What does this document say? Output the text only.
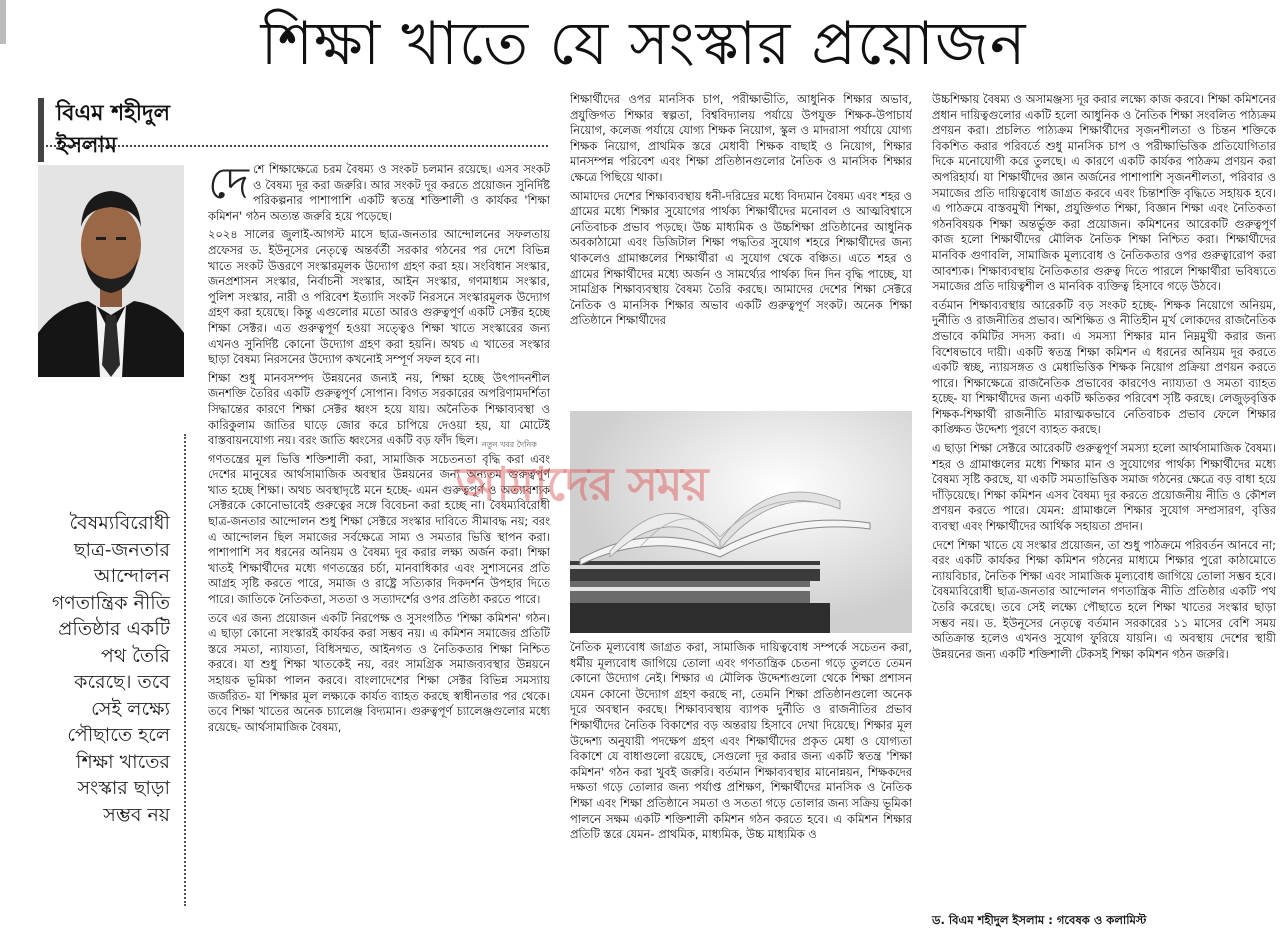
শিক্ষা খাতে যে সংস্কার প্রয়োজন
বিএম শহীদুল ইসলাম
বৈষম্যবিরোধী ছাত্র-জনতার আন্দোলন গণতান্ত্রিক নীতি প্রতিষ্ঠার একটি পথ তৈরি করেছে। তবে সেই লক্ষ্যে পৌছাতে হলে শিক্ষা খাতের সংস্কার ছাড়া সম্ভব নয়

দেশে শিক্ষাক্ষেত্রে চরম বৈষম্য ও সংকট চলমান রয়েছে। এসব সংকট ও বৈষম্য দূর করা জরুরি। আর সংকট দূর করতে প্রয়োজন সুনির্দিষ্ট পরিকল্পনার পাশাপাশি একটি স্বতন্ত্র শক্তিশালী ও কার্যকর 'শিক্ষা কমিশন' গঠন অত্যন্ত জরুরি হয়ে পড়েছে।

২০২৪ সালের জুলাই-আগস্ট মাসে ছাত্র-জনতার আন্দোলনের সফলতায় প্রফেসর ড. ইউনূসের নেতৃত্বে অন্তর্বর্তী সরকার গঠনের পর দেশে বিভিন্ন খাতে সংকট উত্তরণে সংস্কারমূলক উদ্যোগ গ্রহণ করা হয়। সংবিধান সংস্কার, জনপ্রশাসন সংস্কার, নির্বাচনী সংস্কার, আইন সংস্কার, গণমাধ্যম সংস্কার, পুলিশ সংস্কার, নারী ও পরিবেশ ইত্যাদি সংকট নিরসনে সংস্কারমূলক উদ্যোগ গ্রহণ করা হয়েছে। কিন্তু এগুলোর মতো আরও গুরুত্বপূর্ণ একটি সেক্টর হচ্ছে শিক্ষা সেক্টর। এত গুরুত্বপূর্ণ হওয়া সত্ত্বেও শিক্ষা খাতে সংস্কারের জন্য এখনও সুনির্দিষ্ট কোনো উদ্যোগ গ্রহণ করা হয়নি। অথচ এ খাতের সংস্কার ছাড়া বৈষম্য নিরসনের উদ্যোগ কখনোই সম্পূর্ণ সফল হবে না।

শিক্ষা শুধু মানবসম্পদ উন্নয়নের জন্যই নয়, শিক্ষা হচ্ছে উৎপাদনশীল জনশক্তি তৈরির একটি গুরুত্বপূর্ণ সোপান। বিগত সরকারের অপরিণামদর্শিতা সিদ্ধান্তের কারণে শিক্ষা সেক্টর ধ্বংস হয়ে যায়। অনৈতিক শিক্ষাব্যবস্থা ও কারিকুলাম জাতির ঘাড়ে জোর করে চাপিয়ে দেওয়া হয়, যা মোটেই বাস্তবায়নযোগ্য নয়। বরং জাতি ধ্বংসের একটি বড় ফাঁদ ছিল।

গণতন্ত্রের মূল ভিত্তি শক্তিশালী করা, সামাজিক সচেতনতা বৃদ্ধি করা এবং দেশের মানুষের আর্থসামাজিক অবস্থার উন্নয়নের জন্য অন্যতম গুরুত্বপূর্ণ খাত হচ্ছে শিক্ষা। অথচ অবস্থাদৃষ্টে মনে হচ্ছে- এমন গুরুত্বপূর্ণ ও অত্যাবশ্যক সেক্টরকে কোনোভাবেই গুরুত্বের সঙ্গে বিবেচনা করা হচ্ছে না। বৈষম্যবিরোধী ছাত্র-জনতার আন্দোলন শুধু শিক্ষা সেক্টরে সংস্কার দাবিতে সীমাবদ্ধ নয়; বরং এ আন্দোলন ছিল সমাজের সর্বক্ষেত্রে সাম্য ও সমতার ভিত্তি স্থাপন করা। পাশাপাশি সব ধরনের অনিয়ম ও বৈষম্য দূর করার লক্ষ্য অর্জন করা। শিক্ষা খাতই শিক্ষার্থীদের মধ্যে গণতন্ত্রের চর্চা, মানবাধিকার এবং সুশাসনের প্রতি আগ্রহ সৃষ্টি করতে পারে, সমাজ ও রাষ্ট্রে সত্যিকার দিকদর্শন উপহার দিতে পারে। জাতিকে নৈতিকতা, সততা ও সত্যাদর্শের ওপর প্রতিষ্ঠা করতে পারে।

তবে এর জন্য প্রয়োজন একটি নিরপেক্ষ ও সুসংগঠিত 'শিক্ষা কমিশন' গঠন। এ ছাড়া কোনো সংস্কারই কার্যকর করা সম্ভব নয়। এ কমিশন সমাজের প্রতিটি স্তরে সমতা, ন্যায্যতা, বিধিসম্মত, আইনগত ও নৈতিকতার শিক্ষা নিশ্চিত করবে। যা শুধু শিক্ষা খাতকেই নয়, বরং সামগ্রিক সমাজব্যবস্থার উন্নয়নে সহায়ক ভূমিকা পালন করবে। বাংলাদেশের শিক্ষা সেক্টর বিভিন্ন সমস্যায় জর্জরিত- যা শিক্ষার মূল লক্ষ্যকে কার্যত ব্যাহত করছে স্বাধীনতার পর থেকে। তবে শিক্ষা খাতের অনেক চ্যালেঞ্জ বিদ্যমান। গুরুত্বপূর্ণ চ্যালেঞ্জগুলোর মধ্যে রয়েছে- আর্থসামাজিক বৈষম্য,

শিক্ষার্থীদের ওপর মানসিক চাপ, পরীক্ষাভীতি, আধুনিক শিক্ষার অভাব, প্রযুক্তিগত শিক্ষার স্বল্পতা, বিশ্ববিদ্যালয় পর্যায়ে উপযুক্ত শিক্ষক-উপাচার্য নিয়োগ, কলেজ পর্যায়ে যোগ্য শিক্ষক নিয়োগ, স্কুল ও মাদরাসা পর্যায়ে যোগ্য শিক্ষক নিয়োগ, প্রাথমিক স্তরে মেধাবী শিক্ষক বাছাই ও নিয়োগ, শিক্ষার মানসম্পন্ন পরিবেশ এবং শিক্ষা প্রতিষ্ঠানগুলোর নৈতিক ও মানসিক শিক্ষার ক্ষেত্রে পিছিয়ে থাকা।

আমাদের দেশের শিক্ষাব্যবস্থায় ধনী-দরিদ্রের মধ্যে বিদ্যমান বৈষম্য এবং শহর ও গ্রামের মধ্যে শিক্ষার সুযোগের পার্থক্য শিক্ষার্থীদের মনোবল ও আত্মবিশ্বাসে নেতিবাচক প্রভাব পড়ছে। উচ্চ মাধ্যমিক ও উচ্চশিক্ষা প্রতিষ্ঠানের আধুনিক অবকাঠামো এবং ডিজিটাল শিক্ষা পদ্ধতির সুযোগ শহরে শিক্ষার্থীদের জন্য থাকলেও গ্রামাঞ্চলের শিক্ষার্থীরা এ সুযোগ থেকে বঞ্চিত। এতে শহর ও গ্রামের শিক্ষার্থীদের মধ্যে অর্জন ও সামর্থ্যের পার্থক্য দিন দিন বৃদ্ধি পাচ্ছে, যা সামগ্রিক শিক্ষাব্যবস্থায় বৈষম্য তৈরি করছে। আমাদের দেশের শিক্ষা সেক্টরে নৈতিক ও মানসিক শিক্ষার অভাব একটি গুরুত্বপূর্ণ সংকট। অনেক শিক্ষা প্রতিষ্ঠানে শিক্ষার্থীদের

নতুন খবর দৈনিক
আমাদের সময়

নৈতিক মূল্যবোধ জাগ্রত করা, সামাজিক দায়িত্ববোধ সম্পর্কে সচেতন করা, ধর্মীয় মূল্যবোধ জাগিয়ে তোলা এবং গণতান্ত্রিক চেতনা গড়ে তুলতে তেমন কোনো উদ্যোগ নেই। শিক্ষার এ মৌলিক উদ্দেশ্যগুলো থেকে শিক্ষা প্রশাসন যেমন কোনো উদ্যোগ গ্রহণ করছে না, তেমনি শিক্ষা প্রতিষ্ঠানগুলো অনেক দূরে অবস্থান করছে। শিক্ষাব্যবস্থায় ব্যাপক দুর্নীতি ও রাজনীতির প্রভাব শিক্ষার্থীদের নৈতিক বিকাশের বড় অন্তরায় হিসাবে দেখা দিয়েছে। শিক্ষার মূল উদ্দেশ্য অনুযায়ী পদক্ষেপ গ্রহণ এবং শিক্ষার্থীদের প্রকৃত মেধা ও যোগ্যতা বিকাশে যে বাধাগুলো রয়েছে, সেগুলো দূর করার জন্য একটি স্বতন্ত্র 'শিক্ষা কমিশন' গঠন করা খুবই জরুরি। বর্তমান শিক্ষাব্যবস্থার মানোন্নয়ন, শিক্ষকদের দক্ষতা গড়ে তোলার জন্য পর্যাপ্ত প্রশিক্ষণ, শিক্ষার্থীদের মানসিক ও নৈতিক শিক্ষা এবং শিক্ষা প্রতিষ্ঠানে সমতা ও সততা গড়ে তোলার জন্য সক্রিয় ভূমিকা পালনে সক্ষম একটি শক্তিশালী কমিশন গঠন করতে হবে। এ কমিশন শিক্ষার প্রতিটি স্তরে যেমন- প্রাথমিক, মাধ্যমিক, উচ্চ মাধ্যমিক ও

উচ্চশিক্ষায় বৈষম্য ও অসামঞ্জস্য দূর করার লক্ষ্যে কাজ করবে। শিক্ষা কমিশনের প্রধান দায়িত্বগুলোর একটি হলো আধুনিক ও নৈতিক শিক্ষা সংবলিত পাঠ্যক্রম প্রণয়ন করা। প্রচলিত পাঠ্যক্রম শিক্ষার্থীদের সৃজনশীলতা ও চিন্তন শক্তিকে বিকশিত করার পরিবর্তে শুধু মানসিক চাপ ও পরীক্ষাভিত্তিক প্রতিযোগিতার দিকে মনোযোগী করে তুলছে। এ কারণে একটি কার্যকর পাঠক্রম প্রণয়ন করা অপরিহার্য। যা শিক্ষার্থীদের জ্ঞান অর্জনের পাশাপাশি সৃজনশীলতা, পরিবার ও সমাজের প্রতি দায়িত্ববোধ জাগ্রত করবে এবং চিন্তাশক্তি বৃদ্ধিতে সহায়ক হবে। এ পাঠক্রমে বাস্তবমুখী শিক্ষা, প্রযুক্তিগত শিক্ষা, বিজ্ঞান শিক্ষা এবং নৈতিকতা গঠনবিষয়ক শিক্ষা অন্তর্ভুক্ত করা প্রয়োজন। কমিশনের আরেকটি গুরুত্বপূর্ণ কাজ হলো শিক্ষার্থীদের মৌলিক নৈতিক শিক্ষা নিশ্চিত করা। শিক্ষার্থীদের মানবিক গুণাবলি, সামাজিক মূল্যবোধ ও নৈতিকতার ওপর গুরুত্বারোপ করা আবশ্যক। শিক্ষাব্যবস্থায় নৈতিকতার গুরুত্ব দিতে পারলে শিক্ষার্থীরা ভবিষ্যতে সমাজের প্রতি দায়িত্বশীল ও মানবিক ব্যক্তিত্ব হিসাবে গড়ে উঠবে।

বর্তমান শিক্ষাব্যবস্থায় আরেকটি বড় সংকট হচ্ছে- শিক্ষক নিয়োগে অনিয়ম, দুর্নীতি ও রাজনীতির প্রভাব। অশিক্ষিত ও নীতিহীন মূর্খ লোকদের রাজনৈতিক প্রভাবে কমিটির সদস্য করা। এ সমস্যা শিক্ষার মান নিম্নমুখী করার জন্য বিশেষভাবে দায়ী। একটি স্বতন্ত্র শিক্ষা কমিশন এ ধরনের অনিয়ম দূর করতে একটি স্বচ্ছ, ন্যায়সঙ্গত ও মেধাভিত্তিক শিক্ষক নিয়োগ প্রক্রিয়া প্রণয়ন করতে পারে। শিক্ষাক্ষেত্রে রাজনৈতিক প্রভাবের কারণেও ন্যায্যতা ও সমতা ব্যাহত হচ্ছে- যা শিক্ষার্থীদের জন্য একটি ক্ষতিকর পরিবেশ সৃষ্টি করছে। লেজুড়বৃত্তিক শিক্ষক-শিক্ষার্থী রাজনীতি মারাত্মকভাবে নেতিবাচক প্রভাব ফেলে শিক্ষার কাঙ্ক্ষিত উদ্দেশ্য পূরণে ব্যাহত করছে।

এ ছাড়া শিক্ষা সেক্টরে আরেকটি গুরুত্বপূর্ণ সমস্যা হলো আর্থসামাজিক বৈষম্য। শহর ও গ্রামাঞ্চলের মধ্যে শিক্ষার মান ও সুযোগের পার্থক্য শিক্ষার্থীদের মধ্যে বৈষম্য সৃষ্টি করছে, যা একটি সমতাভিত্তিক সমাজ গঠনের ক্ষেত্রে বড় বাধা হয়ে দাঁড়িয়েছে। শিক্ষা কমিশন এসব বৈষম্য দূর করতে প্রয়োজনীয় নীতি ও কৌশল প্রণয়ন করতে পারে। যেমন: গ্রামাঞ্চলে শিক্ষার সুযোগ সম্প্রসারণ, বৃত্তির ব্যবস্থা এবং শিক্ষার্থীদের আর্থিক সহায়তা প্রদান।

দেশে শিক্ষা খাতে যে সংস্কার প্রয়োজন, তা শুধু পাঠক্রমে পরিবর্তন আনবে না; বরং একটি কার্যকর শিক্ষা কমিশন গঠনের মাধ্যমে শিক্ষার পুরো কাঠামোতে ন্যায়বিচার, নৈতিক শিক্ষা এবং সামাজিক মূল্যবোধ জাগিয়ে তোলা সম্ভব হবে। বৈষম্যবিরোধী ছাত্র-জনতার আন্দোলন গণতান্ত্রিক নীতি প্রতিষ্ঠার একটি পথ তৈরি করেছে। তবে সেই লক্ষ্যে পৌছাতে হলে শিক্ষা খাতের সংস্কার ছাড়া সম্ভব নয়। ড. ইউনূসের নেতৃত্বে বর্তমান সরকারের ১১ মাসের বেশি সময় অতিক্রান্ত হলেও এখনও সুযোগ ফুরিয়ে যায়নি। এ অবস্থায় দেশের স্থায়ী উন্নয়নের জন্য একটি শক্তিশালী টেকসই শিক্ষা কমিশন গঠন জরুরি।

ড. বিএম শহীদুল ইসলাম : গবেষক ও কলামিস্ট
